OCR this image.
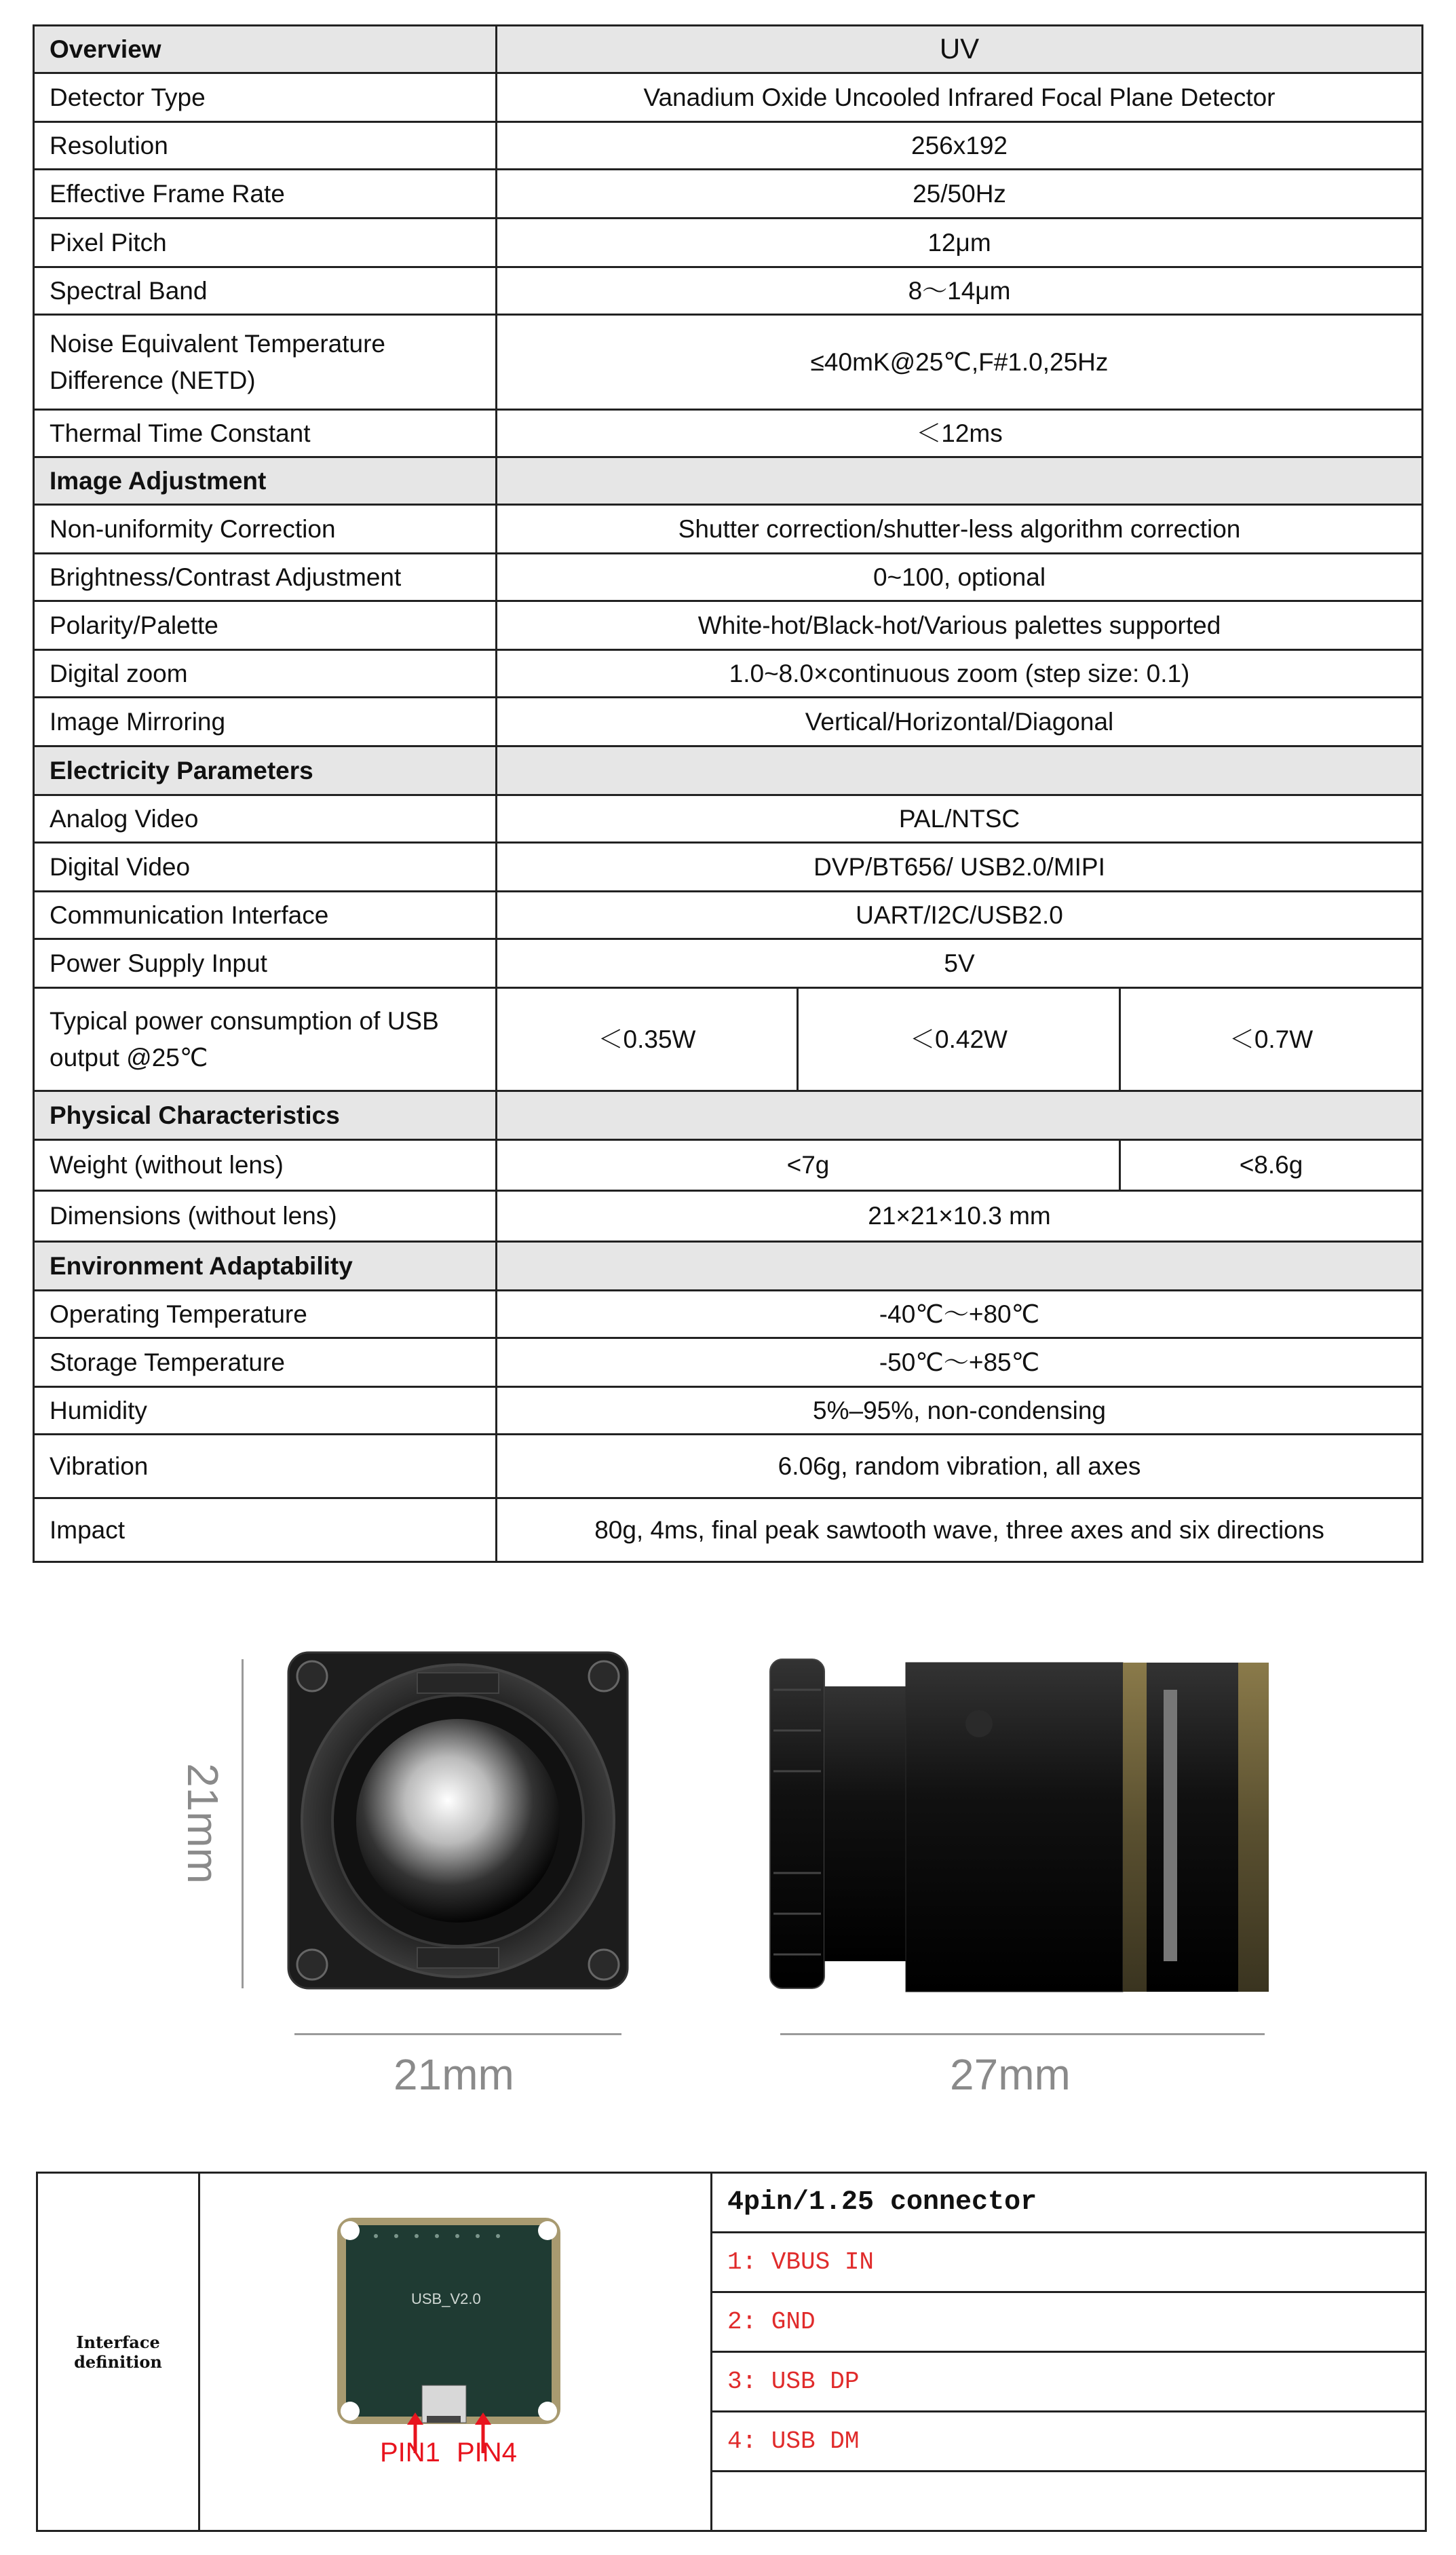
Overview	UV		
Detector Type	Vanadium Oxide Uncooled Infrared Focal Plane Detector		
Resolution	256x192		
Effective Frame Rate	25/50Hz		
Pixel Pitch	12μm		
Spectral Band	8～14μm		
Noise Equivalent Temperature Difference (NETD)	≤40mK@25℃,F#1.0,25Hz		
Thermal Time Constant	＜12ms		
Image Adjustment			
Non-uniformity Correction	Shutter correction/shutter-less algorithm correction		
Brightness/Contrast Adjustment	0~100, optional		
Polarity/Palette	White-hot/Black-hot/Various palettes supported		
Digital zoom	1.0~8.0×continuous zoom (step size: 0.1)		
Image Mirroring	Vertical/Horizontal/Diagonal		
Electricity Parameters			
Analog Video	PAL/NTSC		
Digital Video	DVP/BT656/ USB2.0/MIPI		
Communication Interface	UART/I2C/USB2.0		
Power Supply Input	5V		
Typical power consumption of USB output @25℃	＜0.35W	＜0.42W	＜0.7W
Physical Characteristics			
Weight (without lens)	<7g		<8.6g
Dimensions (without lens)	21×21×10.3 mm		
Environment Adaptability			
Operating Temperature	-40℃～+80℃		
Storage Temperature	-50℃～+85℃		
Humidity	5%–95%, non-condensing		
Vibration	6.06g, random vibration, all axes		
Impact	80g, 4ms, final peak sawtooth wave, three axes and six directions		
21mm
21mm	27mm
Interface definition		4pin/1.25 connector
1: VBUS IN
2: GND
3: USB DP
4: USB DM

USB_V2.0
PIN1 PIN4
